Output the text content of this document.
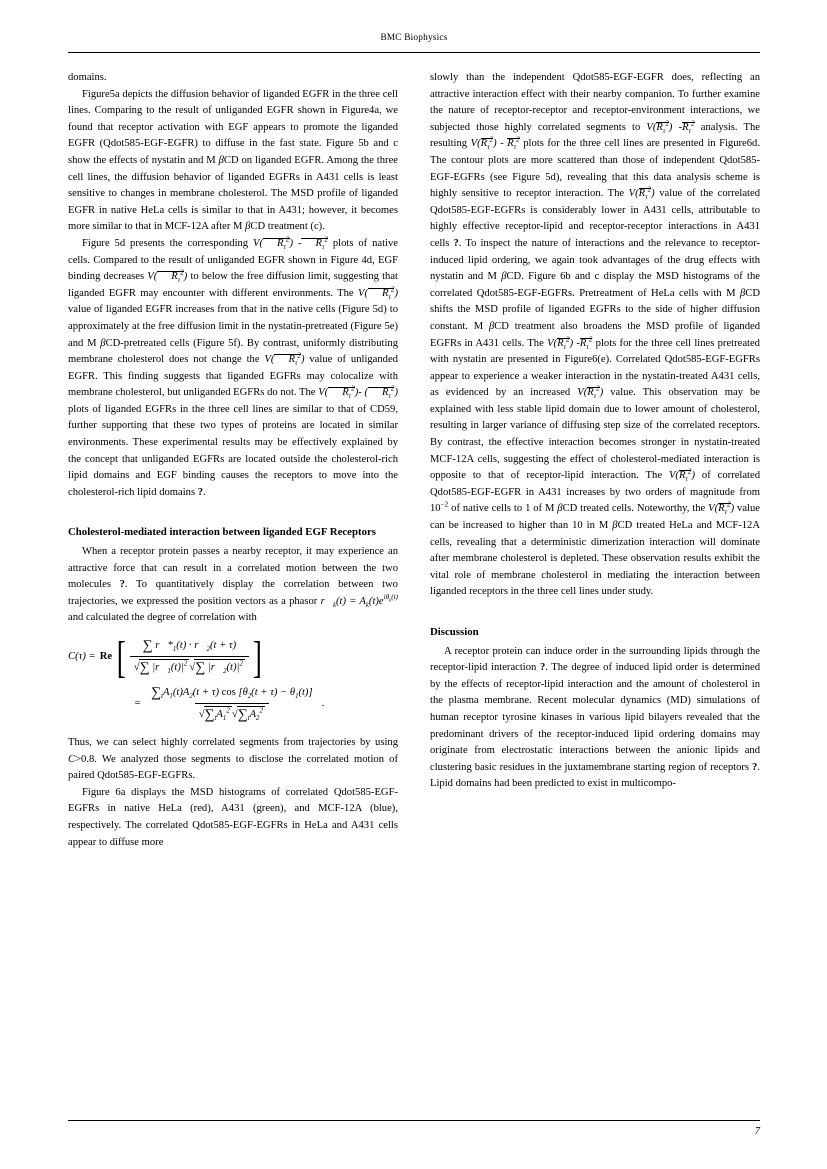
BMC Biophysics

domains.

Figure5a depicts the diffusion behavior of liganded EGFR in the three cell lines. Comparing to the result of unliganded EGFR shown in Figure4a, we found that receptor activation with EGF appears to promote the liganded EGFR (Qdot585-EGF-EGFR) to diffuse in the fast state. Figure 5b and c show the effects of nystatin and M βCD on liganded EGFR. Among the three cell lines, the diffusion behavior of liganded EGFRs in A431 cells is least sensitive to changes in membrane cholesterol. The MSD profile of liganded EGFR in native HeLa cells is similar to that in A431; however, it becomes more similar to that in MCF-12A after M βCD treatment (c).

Figure 5d presents the corresponding V( $R_\tau^2) - R_\tau^2$ plots of native cells. Compared to the result of unliganded EGFR shown in Figure 4d, EGF binding decreases V( $R_\tau^2$) to below the free diffusion limit, suggesting that liganded EGFR may encounter with different environments. The V( $R_\tau^2$) value of liganded EGFR increases from that in the native cells (Figure 5d) to approximately at the free diffusion limit in the nystatin-pretreated (Figure 5e) and M βCD-pretreated cells (Figure 5f). By contrast, uniformly distributing membrane cholesterol does not change the V( $R_\tau^2$) value of unliganded EGFR. This finding suggests that liganded EGFRs may colocalize with membrane cholesterol, but unliganded EGFRs do not. The V( $R_\tau^2)-$ ( $R_\tau^2$) plots of liganded EGFRs in the three cell lines are similar to that of CD59, further supporting that these two types of proteins are located in similar environments. These experimental results may be effectively explained by the concept that unliganded EGFRs are located outside the cholesterol-rich lipid domains and EGF binding causes the receptors to move into the cholesterol-rich lipid domains ?.

Cholesterol-mediated interaction between liganded EGF Receptors

When a receptor protein passes a nearby receptor, it may experience an attractive force that can result in a correlated motion between the two molecules ?. To quantitatively display the correlation between two trajectories, we expressed the position vectors as a phasor $r⃗_k(t) = A_k(t)e^{i\theta_k(t)}$ and calculated the degree of correlation with

C(τ) = Re [ $\frac{\sum r⃗*_1(t) \cdot r⃗_2(t + \tau)}{√\sum |r⃗_1(t)|^2 √\sum |r⃗_2(t)|^2}$ ]
= $\frac{\sum_tA_1(t)A_2(t + \tau) \cos [\theta_2(t + \tau) - \theta_1(t)]}{√\sum_tA_1^2 √\sum_tA_2^2}$ .

Thus, we can select highly correlated segments from trajectories by using C>0.8. We analyzed those segments to disclose the correlated motion of paired Qdot585-EGF-EGFRs.

Figure 6a displays the MSD histograms of correlated Qdot585-EGF-EGFRs in native HeLa (red), A431 (green), and MCF-12A (blue), respectively. The correlated Qdot585-EGF-EGFRs in HeLa and A431 cells appear to diffuse more

slowly than the independent Qdot585-EGF-EGFR does, reflecting an attractive interaction effect with their nearby companion. To further examine the nature of receptor-receptor and receptor-environment interactions, we subjected those highly correlated segments to $V(R_\tau^2)$ $-R_\tau^2$ analysis. The resulting $V(R_\tau^2) - R_\tau^2$ plots for the three cell lines are presented in Figure6d. The contour plots are more scattered than those of independent Qdot585-EGF-EGFRs (see Figure 5d), revealing that this data analysis scheme is highly sensitive to receptor interaction. The $V(R_\tau^2)$ value of the correlated Qdot585-EGF-EGFRs is considerably lower in A431 cells, attributable to highly effective receptor-lipid and receptor-receptor interactions in A431 cells ?. To inspect the nature of interactions and the relevance to receptor-induced lipid ordering, we again took advantages of the drug effects with nystatin and M βCD. Figure 6b and c display the MSD histograms of the correlated Qdot585-EGF-EGFRs. Pretreatment of HeLa cells with M βCD shifts the MSD profile of liganded EGFRs to the side of higher diffusion constant. M βCD treatment also broadens the MSD profile of liganded EGFRs in A431 cells. The $V(R_\tau^2)$ $-R_\tau^2$ plots for the three cell lines pretreated with nystatin are presented in Figure6(e). Correlated Qdot585-EGF-EGFRs appear to experience a weaker interaction in the nystatin-treated A431 cells, as evidenced by an increased $V(R_\tau^2)$ value. This observation may be explained with less stable lipid domain due to lower amount of cholesterol, resulting in larger variance of diffusing step size of the correlated receptors. By contrast, the effective interaction becomes stronger in nystatin-treated MCF-12A cells, suggesting the effect of cholesterol-mediated interaction is opposite to that of receptor-lipid interaction. The $V(R_\tau^2)$ of correlated Qdot585-EGF-EGFR in A431 increases by two orders of magnitude from $10^{-2}$ of native cells to 1 of M βCD treated cells. Noteworthy, the $V(R_\tau^2)$ value can be increased to higher than 10 in M βCD treated HeLa and MCF-12A cells, revealing that a deterministic dimerization interaction will dominate after membrane cholesterol is depleted. These observation results exhibit the vital role of membrane cholesterol in mediating the interaction between liganded receptors in the three cell lines under study.

Discussion

A receptor protein can induce order in the surrounding lipids through the receptor-lipid interaction ?. The degree of induced lipid order is determined by the effects of receptor-lipid interaction and the amount of cholesterol in the plasma membrane. Recent molecular dynamics (MD) simulations of human receptor tyrosine kinases in various lipid bilayers revealed that the predominant drivers of the receptor-induced lipid ordering domains may originate from electrostatic interactions between the anionic lipids and clustering basic residues in the juxtamembrane starting region of receptors ?. Lipid domains had been predicted to exist in multicompo-

7
